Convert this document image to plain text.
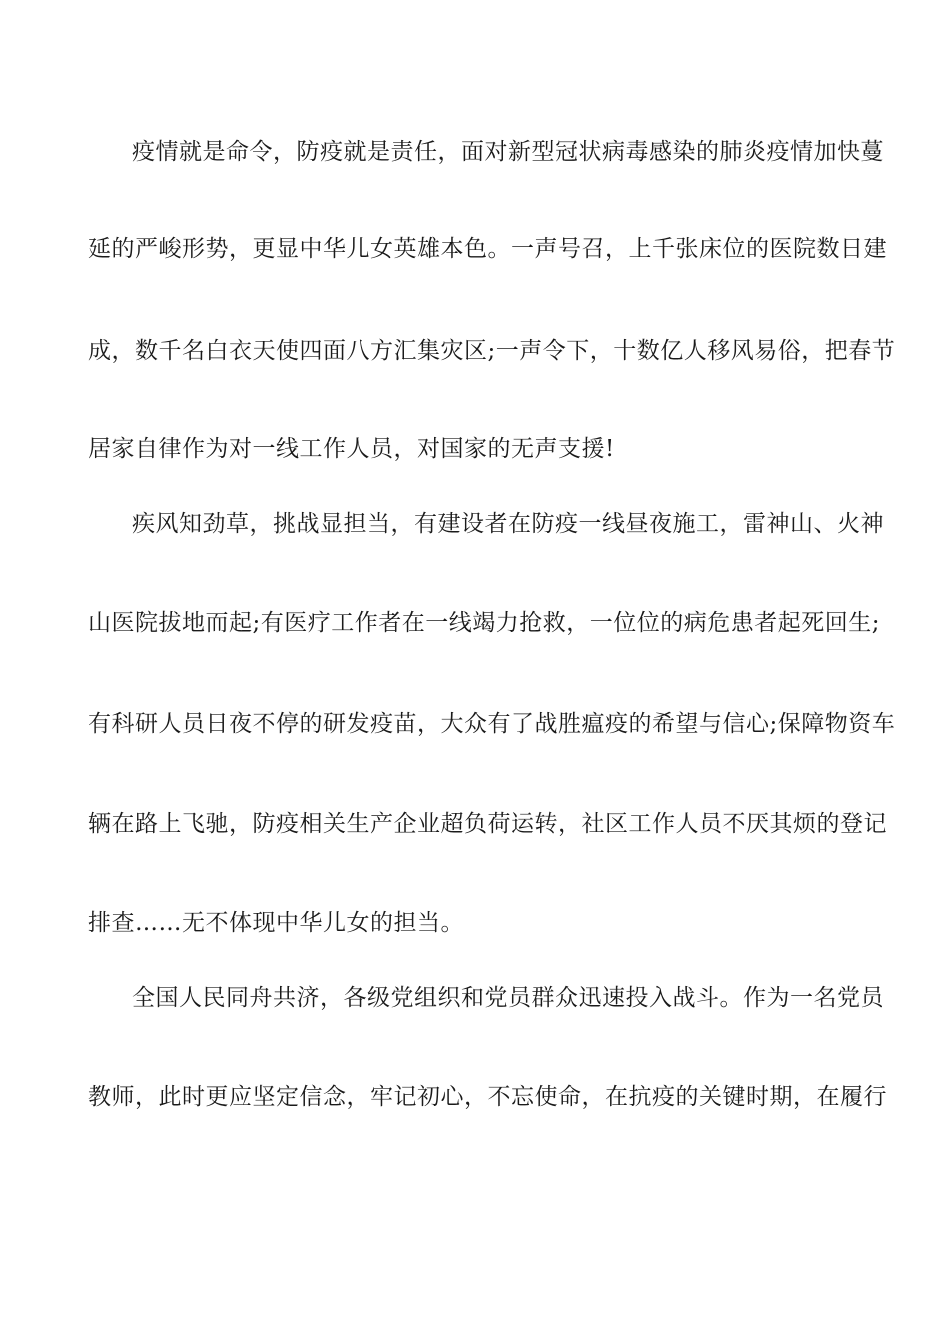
疫情就是命令，防疫就是责任，面对新型冠状病毒感染的肺炎疫情加快蔓
延的严峻形势，更显中华儿女英雄本色。一声号召，上千张床位的医院数日建
成，数千名白衣天使四面八方汇集灾区;一声令下，十数亿人移风易俗，把春节
居家自律作为对一线工作人员，对国家的无声支援!
疾风知劲草，挑战显担当，有建设者在防疫一线昼夜施工，雷神山、火神
山医院拔地而起;有医疗工作者在一线竭力抢救，一位位的病危患者起死回生;
有科研人员日夜不停的研发疫苗，大众有了战胜瘟疫的希望与信心;保障物资车
辆在路上飞驰，防疫相关生产企业超负荷运转，社区工作人员不厌其烦的登记
排查……无不体现中华儿女的担当。
全国人民同舟共济，各级党组织和党员群众迅速投入战斗。作为一名党员
教师，此时更应坚定信念，牢记初心，不忘使命，在抗疫的关键时期，在履行
